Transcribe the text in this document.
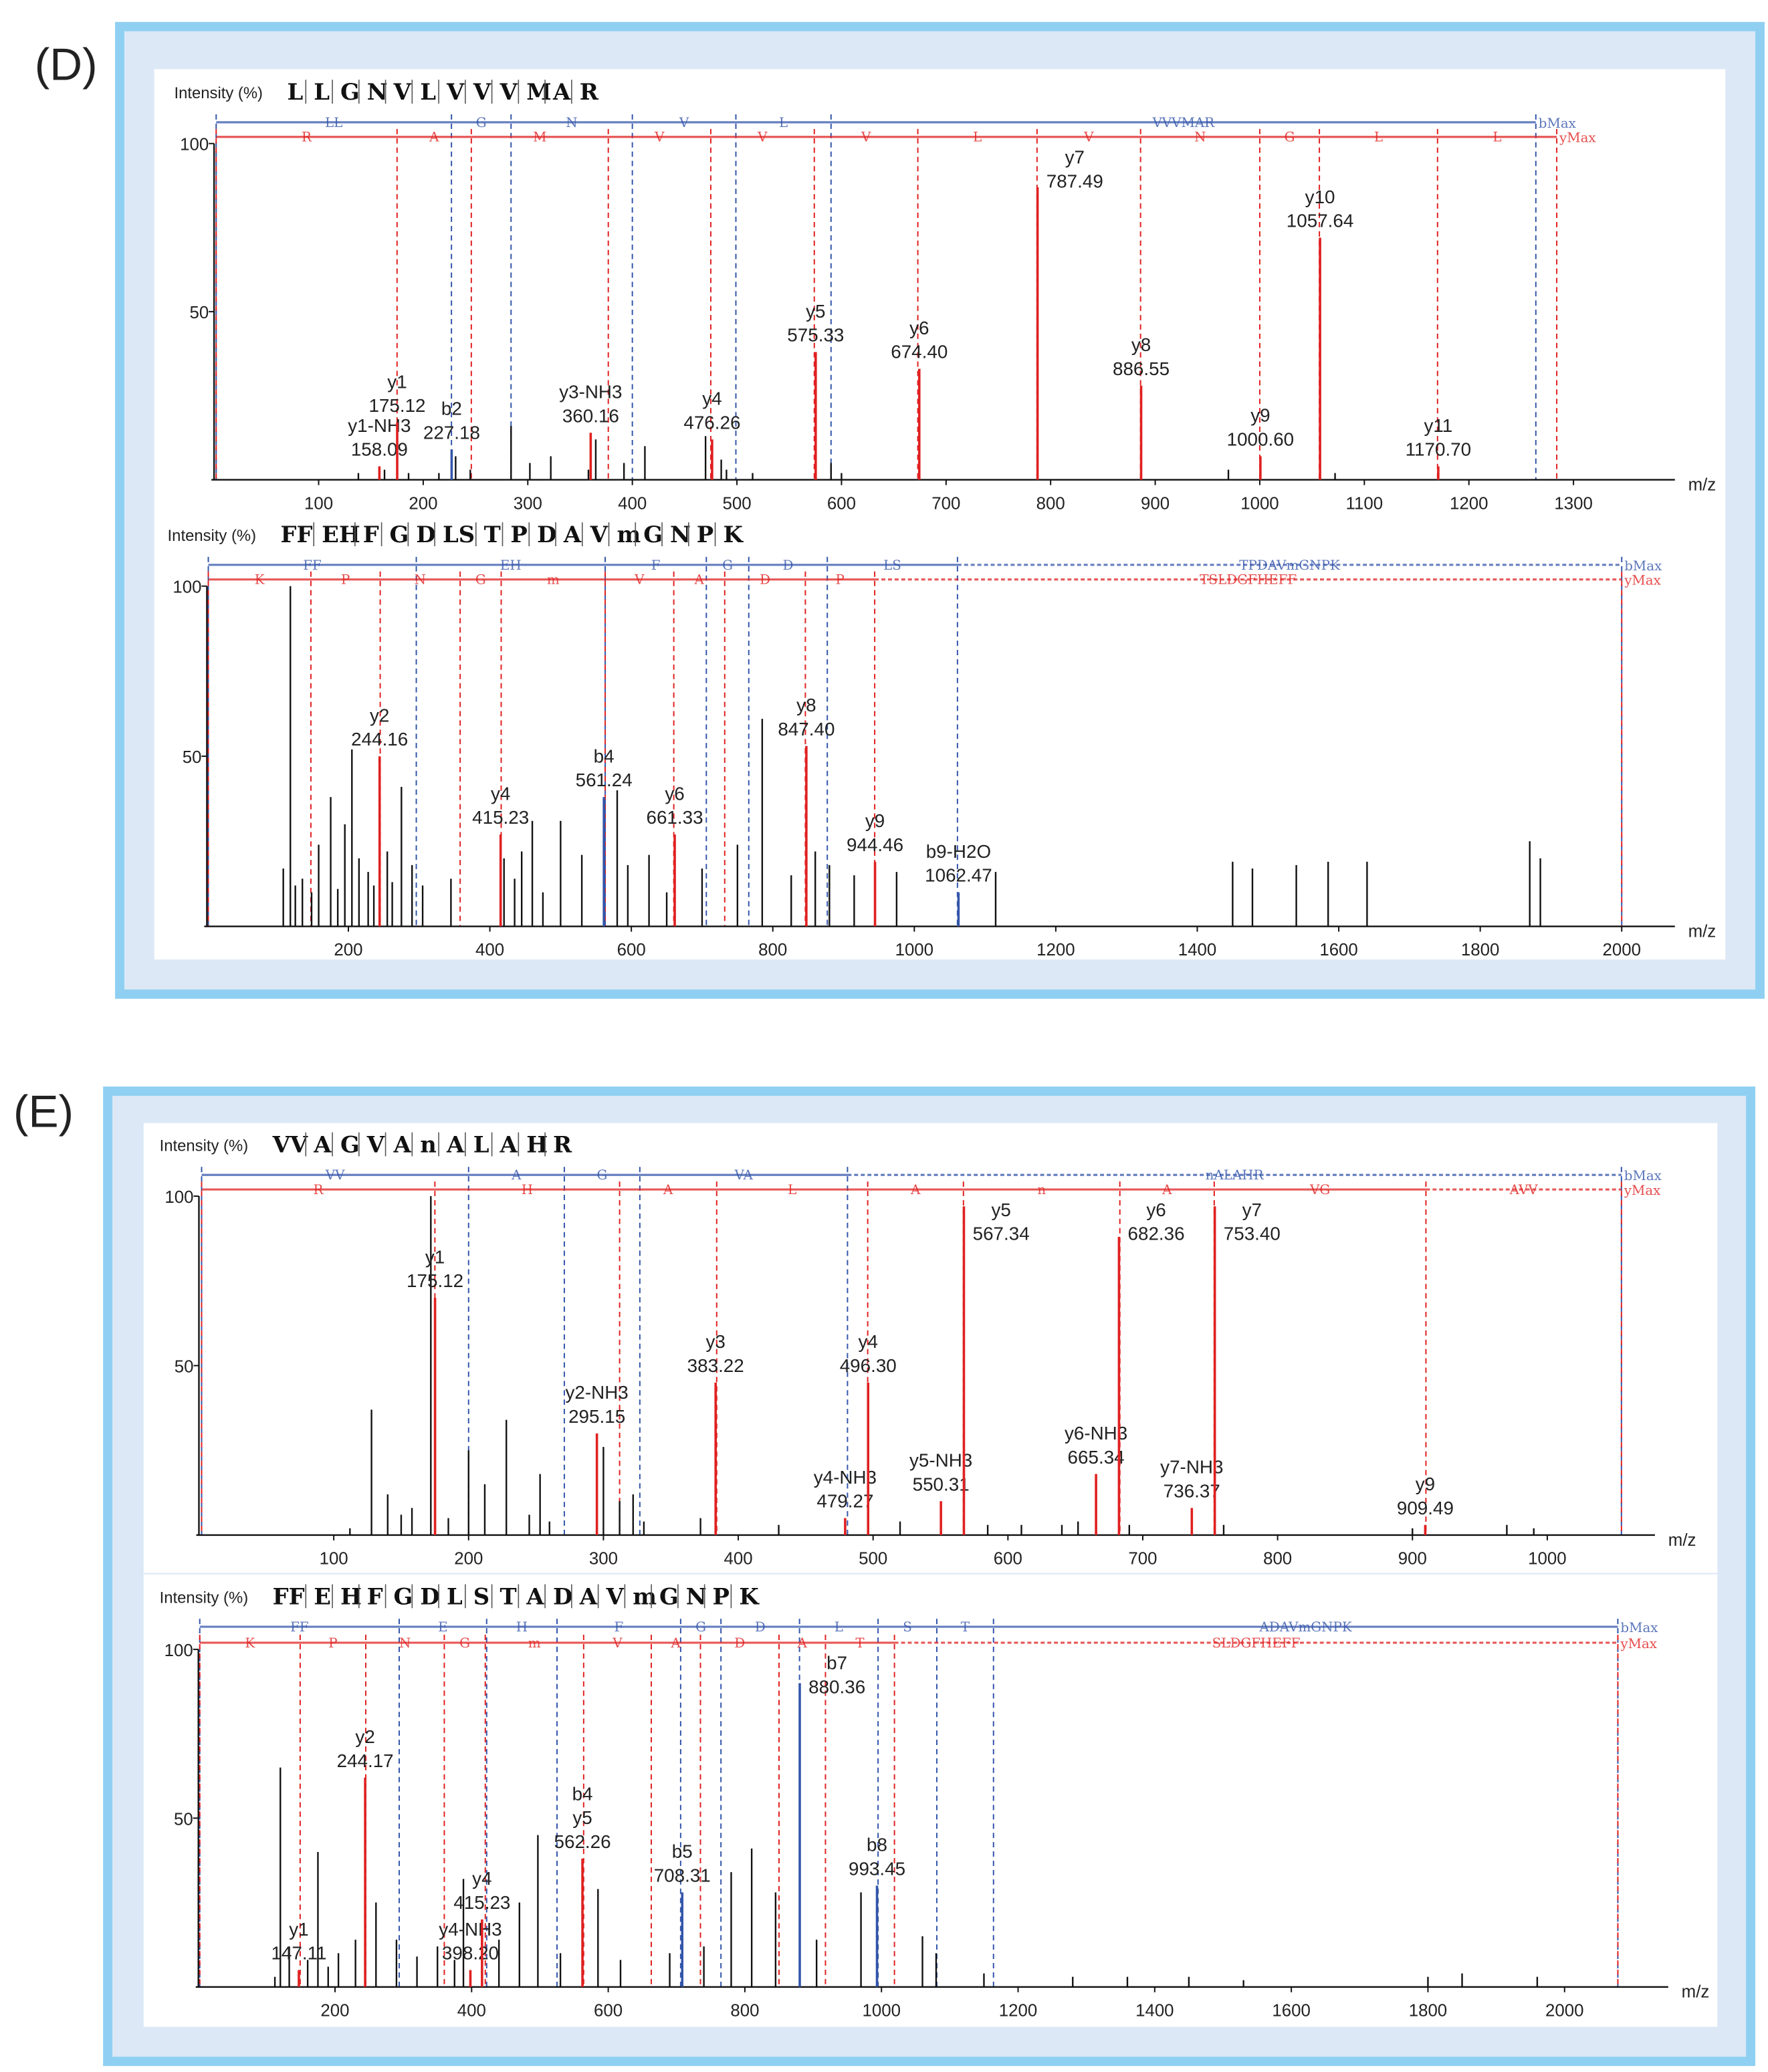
(D)
(E)
Intensity (%) L L G N V L V V V M A R
LL	G	N	V	L	VVVMAR	bMax
R	A	M	V	V	V	L	V	N	G	L	L	yMax
100	200	300	400	500	600	700	800	900	1000	1100	1200	1300
100
50
m/z
y1-NH3
158.09
y1
175.12 b2
227.18
y3-NH3
360.16
y4
476.26
y5
575.33	y6
674.40
y7
787.49
y8
886.55
y9
1000.60
y10
1057.64
y11
1170.70
Intensity (%) FF EH F G D LS T P D A V m G N P K
FF	EH	F	G	D	LS	TPDAVmGNPK	bMax
K	P	N	G	m	V	A	D	P	TSLDGFHEFF	yMax
200	400	600	800	1000	1200	1400	1600	1800	2000
100
50
m/z
y2
244.16
y4
415.23
b4
561.24
y6
661.33
y8
847.40
y9
944.46 b9-H2O
1062.47
Intensity (%) VV A G V A n A L A H R
VV	A	G	VA	nALAHR	bMax
R	H	A	L	A	n	A	VG	AVV	yMax
100	200	300	400	500	600	700	800	900	1000
100
50
m/z
y1
175.12
y2-NH3
295.15
y3
383.22
y4-NH3
479.27
y4
496.30
y5-NH3
550.31
y5
567.34
y6-NH3
665.34
y6
682.36
y7-NH3
736.37
y7
753.40
y9
909.49
Intensity (%) FF E H F G D L S T A D A V m G N P K
FF	E	H	F	G	D	L	S	T	ADAVmGNPK	bMax
K	P	N	G	m	V	A	D	A	T	SLDGFHEFF	yMax
200	400	600	800	1000	1200	1400	1600	1800	2000
100
50
m/z
y1
147.11
y2
244.17
y4-NH3
398.20
y4
415.23
b4
y5
562.26	b5
708.31
b7
880.36
b8
993.45
